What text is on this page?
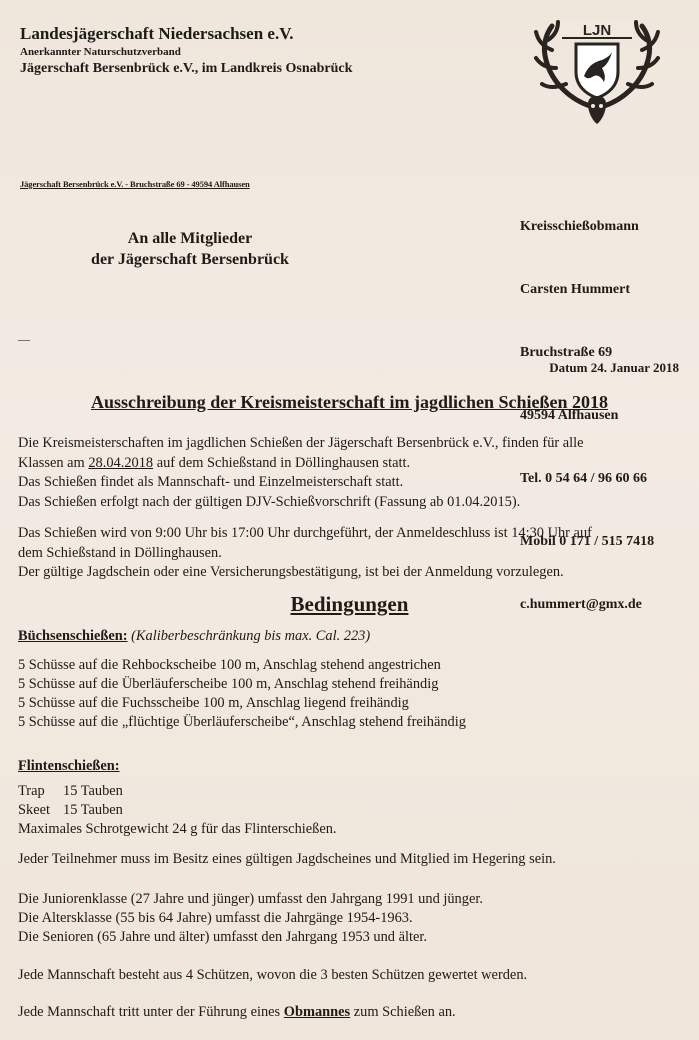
Landesjägerschaft Niedersachsen e.V.
Anerkannter Naturschutzverband
Jägerschaft Bersenbrück e.V., im Landkreis Osnabrück
LJN
Jägerschaft Bersenbrück e.V. - Bruchstraße 69 - 49594 Alfhausen
An alle Mitglieder
der Jägerschaft Bersenbrück

Kreisschießobmann

Carsten Hummert

Bruchstraße 69

49594 Alfhausen

Tel. 0 54 64 / 96 60 66

Mobil 0 171 / 515 7418

c.hummert@gmx.de

—
Datum 24. Januar 2018
Ausschreibung der Kreismeisterschaft im jagdlichen Schießen 2018
Die Kreismeisterschaften im jagdlichen Schießen der Jägerschaft Bersenbrück e.V., finden für alle
Klassen am 28.04.2018 auf dem Schießstand in Döllinghausen statt.
Das Schießen findet als Mannschaft- und Einzelmeisterschaft statt.
Das Schießen erfolgt nach der gültigen DJV-Schießvorschrift (Fassung ab 01.04.2015).
Das Schießen wird von 9:00 Uhr bis 17:00 Uhr durchgeführt, der Anmeldeschluss ist 14:30 Uhr auf
dem Schießstand in Döllinghausen.
Der gültige Jagdschein oder eine Versicherungsbestätigung, ist bei der Anmeldung vorzulegen.
Bedingungen
Büchsenschießen: (Kaliberbeschränkung bis max. Cal. 223)
5 Schüsse auf die Rehbockscheibe 100 m, Anschlag stehend angestrichen
5 Schüsse auf die Überläuferscheibe 100 m, Anschlag stehend freihändig
5 Schüsse auf die Fuchsscheibe 100 m, Anschlag liegend freihändig
5 Schüsse auf die „flüchtige Überläuferscheibe“, Anschlag stehend freihändig
Flintenschießen:
Trap 15 Tauben
Skeet 15 Tauben
Maximales Schrotgewicht 24 g für das Flinterschießen.
Jeder Teilnehmer muss im Besitz eines gültigen Jagdscheines und Mitglied im Hegering sein.
Die Juniorenklasse (27 Jahre und jünger) umfasst den Jahrgang 1991 und jünger.
Die Altersklasse (55 bis 64 Jahre) umfasst die Jahrgänge 1954-1963.
Die Senioren (65 Jahre und älter) umfasst den Jahrgang 1953 und älter.
Jede Mannschaft besteht aus 4 Schützen, wovon die 3 besten Schützen gewertet werden.
Jede Mannschaft tritt unter der Führung eines Obmannes zum Schießen an.
